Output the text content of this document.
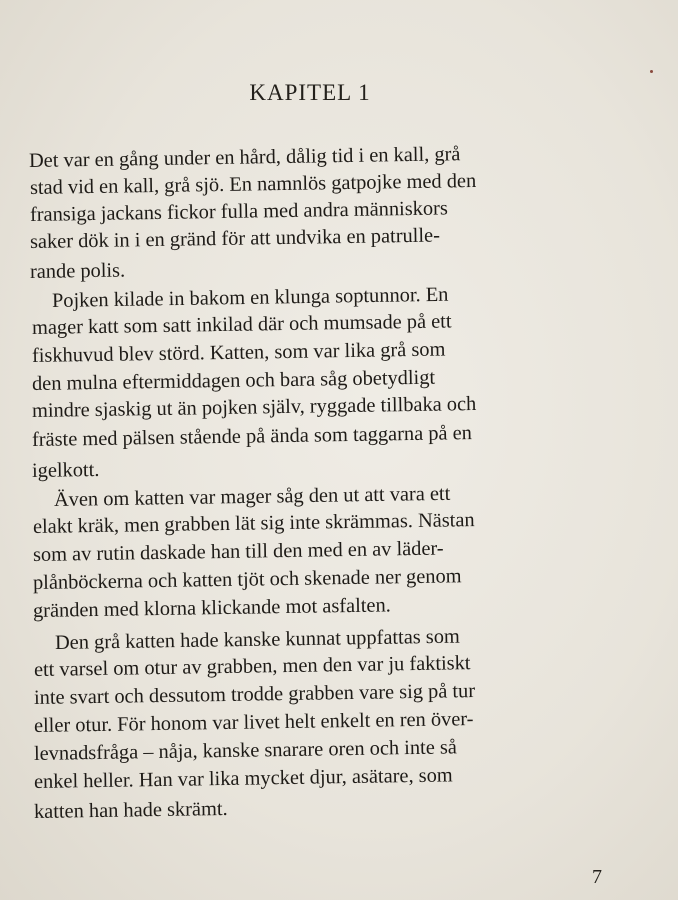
KAPITEL 1
Det var en gång under en hård, dålig tid i en kall, grå
stad vid en kall, grå sjö. En namnlös gatpojke med den
fransiga jackans fickor fulla med andra människors
saker dök in i en gränd för att undvika en patrulle-
rande polis.
Pojken kilade in bakom en klunga soptunnor. En
mager katt som satt inkilad där och mumsade på ett
fiskhuvud blev störd. Katten, som var lika grå som
den mulna eftermiddagen och bara såg obetydligt
mindre sjaskig ut än pojken själv, ryggade tillbaka och
fräste med pälsen stående på ända som taggarna på en
igelkott.
Även om katten var mager såg den ut att vara ett
elakt kräk, men grabben lät sig inte skrämmas. Nästan
som av rutin daskade han till den med en av läder-
plånböckerna och katten tjöt och skenade ner genom
gränden med klorna klickande mot asfalten.
Den grå katten hade kanske kunnat uppfattas som
ett varsel om otur av grabben, men den var ju faktiskt
inte svart och dessutom trodde grabben vare sig på tur
eller otur. För honom var livet helt enkelt en ren över-
levnadsfråga – nåja, kanske snarare oren och inte så
enkel heller. Han var lika mycket djur, asätare, som
katten han hade skrämt.
7
